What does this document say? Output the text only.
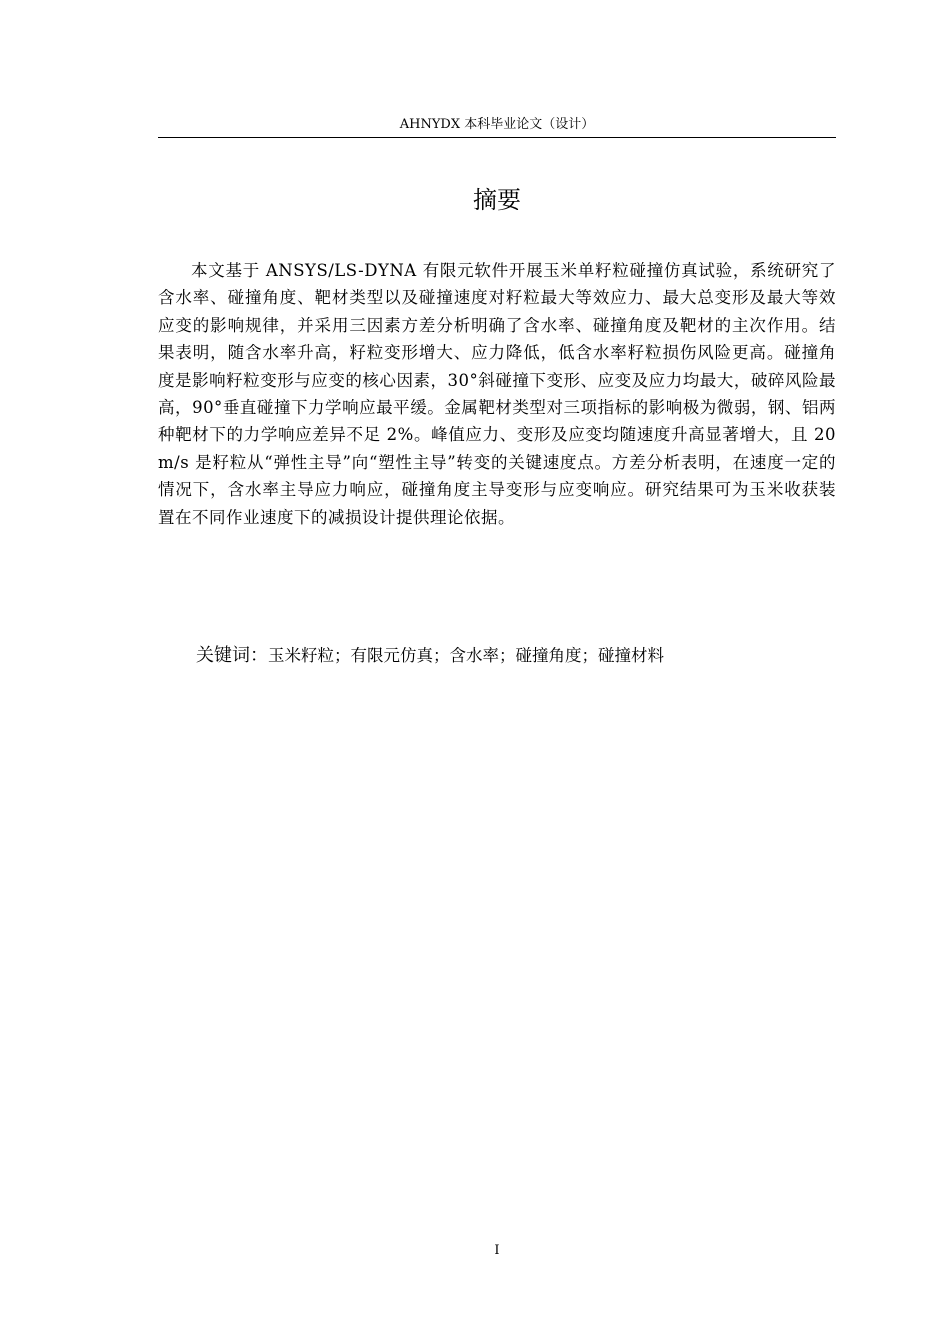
AHNYDX 本科毕业论文（设计）
摘要

本文基于 ANSYS/LS-DYNA 有限元软件开展玉米单籽粒碰撞仿真试验，系统研究了含水率、碰撞角度、靶材类型以及碰撞速度对籽粒最大等效应力、最大总变形及最大等效应变的影响规律，并采用三因素方差分析明确了含水率、碰撞角度及靶材的主次作用。结果表明，随含水率升高，籽粒变形增大、应力降低，低含水率籽粒损伤风险更高。碰撞角度是影响籽粒变形与应变的核心因素，30°斜碰撞下变形、应变及应力均最大，破碎风险最高，90°垂直碰撞下力学响应最平缓。金属靶材类型对三项指标的影响极为微弱，钢、铝两种靶材下的力学响应差异不足 2%。峰值应力、变形及应变均随速度升高显著增大，且 20 m/s 是籽粒从“弹性主导”向“塑性主导”转变的关键速度点。方差分析表明，在速度一定的情况下，含水率主导应力响应，碰撞角度主导变形与应变响应。研究结果可为玉米收获装置在不同作业速度下的减损设计提供理论依据。

关键词：玉米籽粒；有限元仿真；含水率；碰撞角度；碰撞材料
I
